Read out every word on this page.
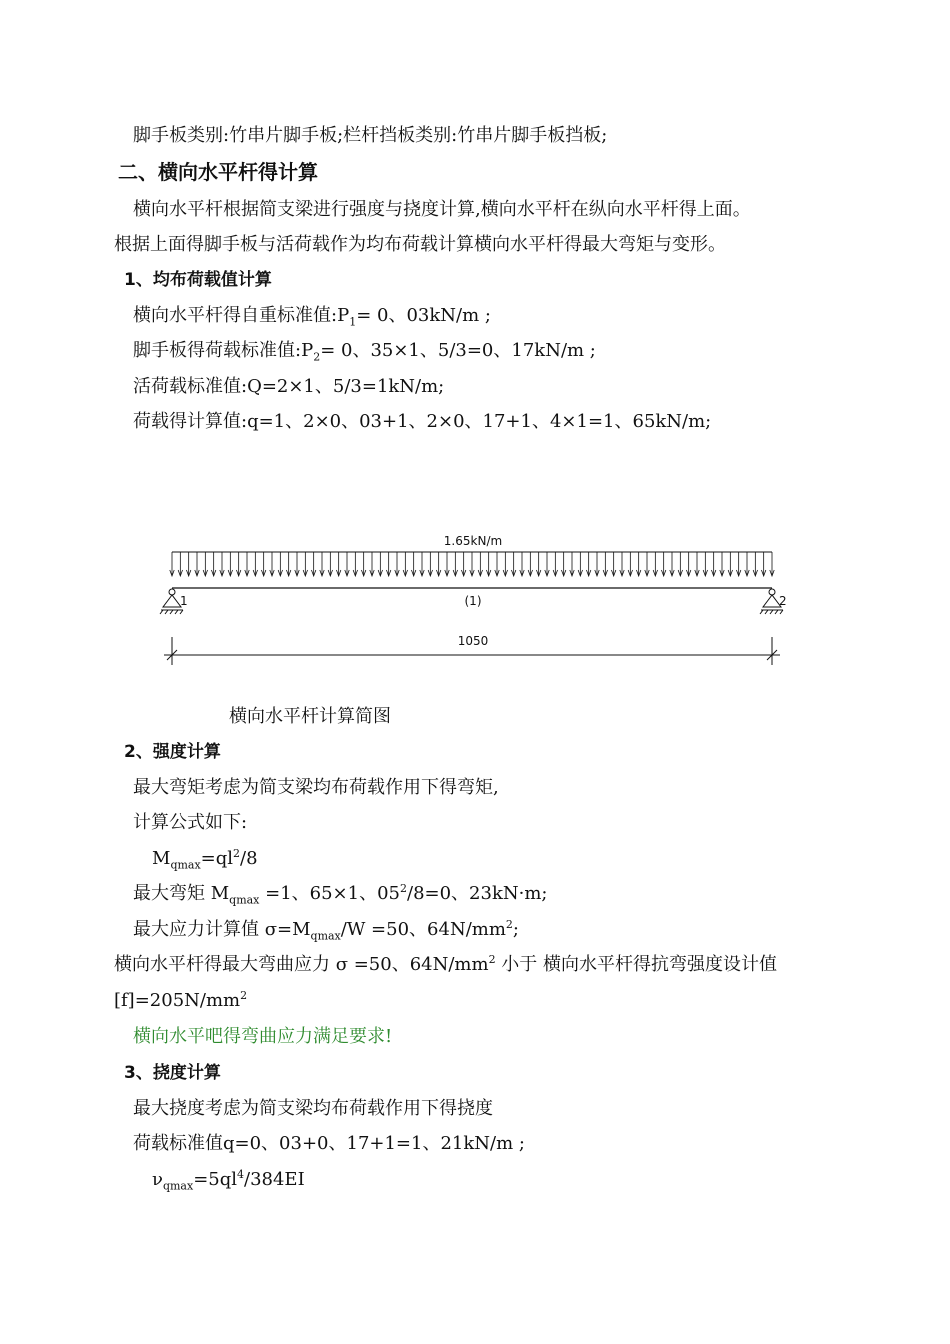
脚手板类别:竹串片脚手板;栏杆挡板类别:竹串片脚手板挡板;
二、横向水平杆得计算
横向水平杆根据简支梁进行强度与挠度计算,横向水平杆在纵向水平杆得上面。
根据上面得脚手板与活荷载作为均布荷载计算横向水平杆得最大弯矩与变形。
1、均布荷载值计算
横向水平杆得自重标准值$:P_1= 0$、03kN/m ;
脚手板得荷载标准值$:P_2= 0$、35×1、5/3=0、17kN/m ;
活荷载标准值:Q=2×1、5/3=1kN/m;
荷载得计算值:q=1、2×0、03+1、2×0、17+1、4×1=1、65kN/m;
1.65kN/m
1	2
(1)
1050
横向水平杆计算简图
2、强度计算
最大弯矩考虑为简支梁均布荷载作用下得弯矩,
计算公式如下:
$M_{qmax}=ql^2/8$
最大弯矩 $M_{qmax} =1$、65×1、$05^2/8=0$、23kN·m;
最大应力计算值 $\sigma=M_{qmax}/W =50$、$64N/mm^2$;
横向水平杆得最大弯曲应力 σ =50、$64N/mm^2$ 小于 横向水平杆得抗弯强度设计值
$[f]=205N/mm^2$
横向水平吧得弯曲应力满足要求!
3、挠度计算
最大挠度考虑为简支梁均布荷载作用下得挠度
荷载标准值q=0、03+0、17+1=1、21kN/m ;
$\nu_{qmax}=5ql^4/384EI$
